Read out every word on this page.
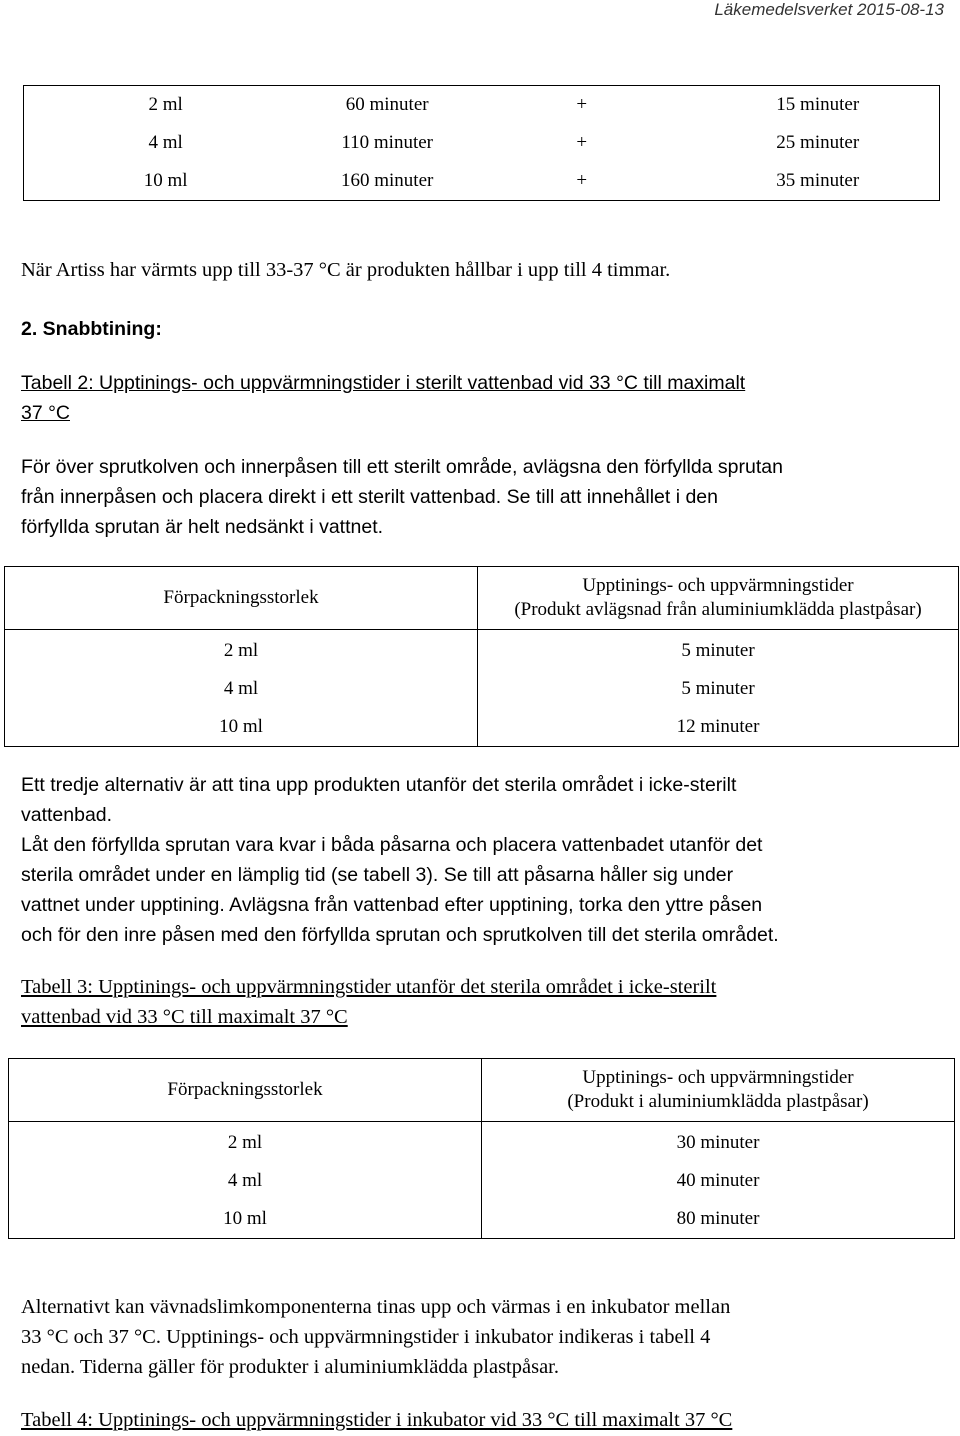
Läkemedelsverket 2015-08-13
2 ml	60 minuter	+	15 minuter
4 ml	110 minuter	+	25 minuter
10 ml	160 minuter	+	35 minuter

När Artiss har värmts upp till 33-37 °C är produkten hållbar i upp till 4 timmar.

2. Snabbtining:

Tabell 2: Upptinings- och uppvärmningstider i sterilt vattenbad vid 33 °C till maximalt
37 °C

För över sprutkolven och innerpåsen till ett sterilt område, avlägsna den förfyllda sprutan
från innerpåsen och placera direkt i ett sterilt vattenbad. Se till att innehållet i den
förfyllda sprutan är helt nedsänkt i vattnet.

Förpackningsstorlek	Upptinings- och uppvärmningstider
(Produkt avlägsnad från aluminiumklädda plastpåsar)

2 ml	5 minuter
4 ml	5 minuter
10 ml	12 minuter

Ett tredje alternativ är att tina upp produkten utanför det sterila området i icke-sterilt
vattenbad.
Låt den förfyllda sprutan vara kvar i båda påsarna och placera vattenbadet utanför det
sterila området under en lämplig tid (se tabell 3). Se till att påsarna håller sig under
vattnet under upptining. Avlägsna från vattenbad efter upptining, torka den yttre påsen
och för den inre påsen med den förfyllda sprutan och sprutkolven till det sterila området.

Tabell 3: Upptinings- och uppvärmningstider utanför det sterila området i icke-sterilt
vattenbad vid 33 °C till maximalt 37 °C

Förpackningsstorlek	Upptinings- och uppvärmningstider
(Produkt i aluminiumklädda plastpåsar)

2 ml	30 minuter
4 ml	40 minuter
10 ml	80 minuter

Alternativt kan vävnadslimkomponenterna tinas upp och värmas i en inkubator mellan
33 °C och 37 °C. Upptinings- och uppvärmningstider i inkubator indikeras i tabell 4
nedan. Tiderna gäller för produkter i aluminiumklädda plastpåsar.

Tabell 4: Upptinings- och uppvärmningstider i inkubator vid 33 °C till maximalt 37 °C
